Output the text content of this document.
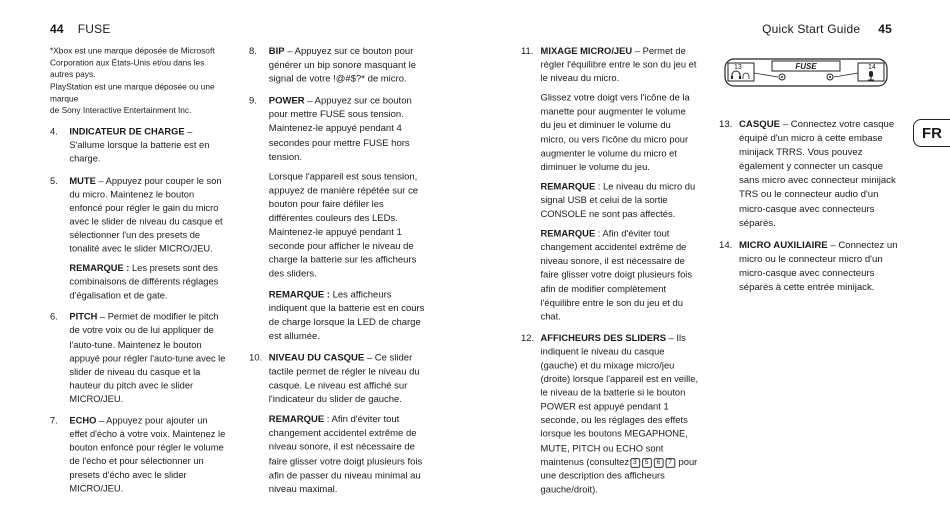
44 FUSE	Quick Start Guide 45
*Xbox est une marque déposée de Microsoft
Corporation aux États-Unis et/ou dans les
autres pays.
PlayStation est une marque déposée ou une marque
de Sony Interactive Entertainment Inc.
4. INDICATEUR DE CHARGE – S'allume lorsque la batterie est en charge.

5. MUTE – Appuyez pour couper le son du micro. Maintenez le bouton enfoncé pour régler le gain du micro avec le slider de niveau du casque et sélectionner l'un des presets de tonalité avec le slider MICRO/JEU.

REMARQUE : Les presets sont des combinaisons de différents réglages d'égalisation et de gate.

6. PITCH – Permet de modifier le pitch de votre voix ou de lui appliquer de l'auto-tune. Maintenez le bouton appuyé pour régler l'auto-tune avec le slider de niveau du casque et la hauteur du pitch avec le slider MICRO/JEU.

7. ECHO – Appuyez pour ajouter un effet d'écho à votre voix. Maintenez le bouton enfoncé pour régler le volume de l'écho et pour sélectionner un presets d'écho avec le slider MICRO/JEU.

8. BIP – Appuyez sur ce bouton pour générer un bip sonore masquant le signal de votre !@#$?* de micro.

9. POWER – Appuyez sur ce bouton pour mettre FUSE sous tension. Maintenez-le appuyé pendant 4 secondes pour mettre FUSE hors tension.

Lorsque l'appareil est sous tension, appuyez de manière répétée sur ce bouton pour faire défiler les différentes couleurs des LEDs. Maintenez-le appuyé pendant 1 seconde pour afficher le niveau de charge la batterie sur les afficheurs des sliders.

REMARQUE : Les afficheurs indiquent que la batterie est en cours de charge lorsque la LED de charge est allumée.

10. NIVEAU DU CASQUE – Ce slider tactile permet de régler le niveau du casque. Le niveau est affiché sur l'indicateur du slider de gauche.

REMARQUE : Afin d'éviter tout changement accidentel extrême de niveau sonore, il est nécessaire de faire glisser votre doigt plusieurs fois afin de passer du niveau minimal au niveau maximal.

11. MIXAGE MICRO/JEU – Permet de régler l'équilibre entre le son du jeu et le niveau du micro.

Glissez votre doigt vers l'icône de la manette pour augmenter le volume du jeu et diminuer le volume du micro, ou vers l'icône du micro pour augmenter le volume du micro et diminuer le volume du jeu.

REMARQUE : Le niveau du micro du signal USB et celui de la sortie CONSOLE ne sont pas affectés.

REMARQUE : Afin d'éviter tout changement accidentel extrême de niveau sonore, il est nécessaire de faire glisser votre doigt plusieurs fois afin de modifier complètement l'équilibre entre le son du jeu et du chat.

12. AFFICHEURS DES SLIDERS – Ils indiquent le niveau du casque (gauche) et du mixage micro/jeu (droite) lorsque l'appareil est en veille, le niveau de la batterie si le bouton POWER est appuyé pendant 1 seconde, ou les réglages des effets lorsque les boutons MEGAPHONE, MUTE, PITCH ou ECHO sont maintenus (consultez 3 5 6 7 pour une description des afficheurs gauche/droit).

13	14
FUSE
13. CASQUE – Connectez votre casque équipé d'un micro à cette embase minijack TRRS. Vous pouvez également y connecter un casque sans micro avec connecteur minijack TRS ou le connecteur audio d'un micro-casque avec connecteurs séparés.

14. MICRO AUXILIAIRE – Connectez un micro ou le connecteur micro d'un micro-casque avec connecteurs séparés à cette entrée minijack.

FR
